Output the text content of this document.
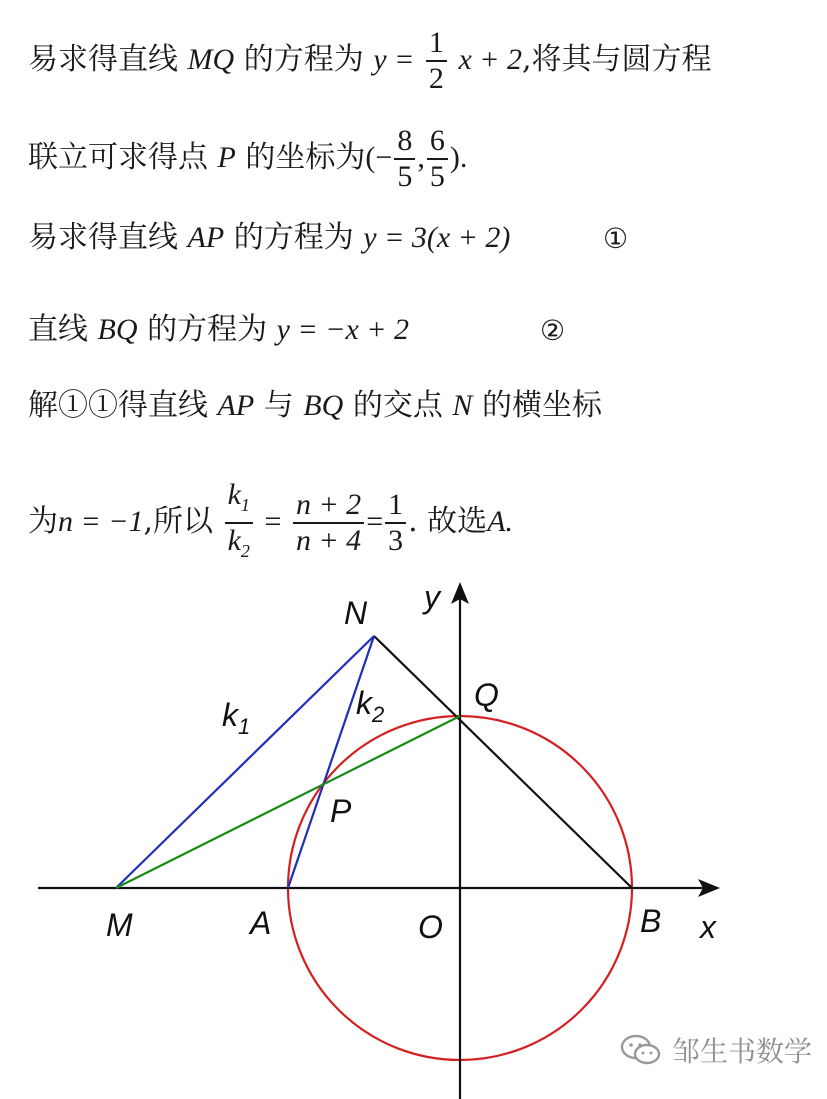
易求得直线 MQ 的方程为 $y = \frac{1}{2}$ x + 2,将其与圆方程
联立可求得点 P 的坐标为(− $\frac{8}{5}$ , $\frac{6}{5}$ ).
易求得直线 AP 的方程为 y = 3(x + 2)	①
直线 BQ 的方程为 y = −x + 2	②
解①①得直线 AP 与 BQ 的交点 N 的横坐标
为n = −1,所以 $\frac{k_1}{k_2} = \frac{n + 2}{n + 4} = \frac{1}{3}$ . 故选A.
N
Q
P
M	A	O	B x
y
$k_1$
$k_2$
邹生书数学
